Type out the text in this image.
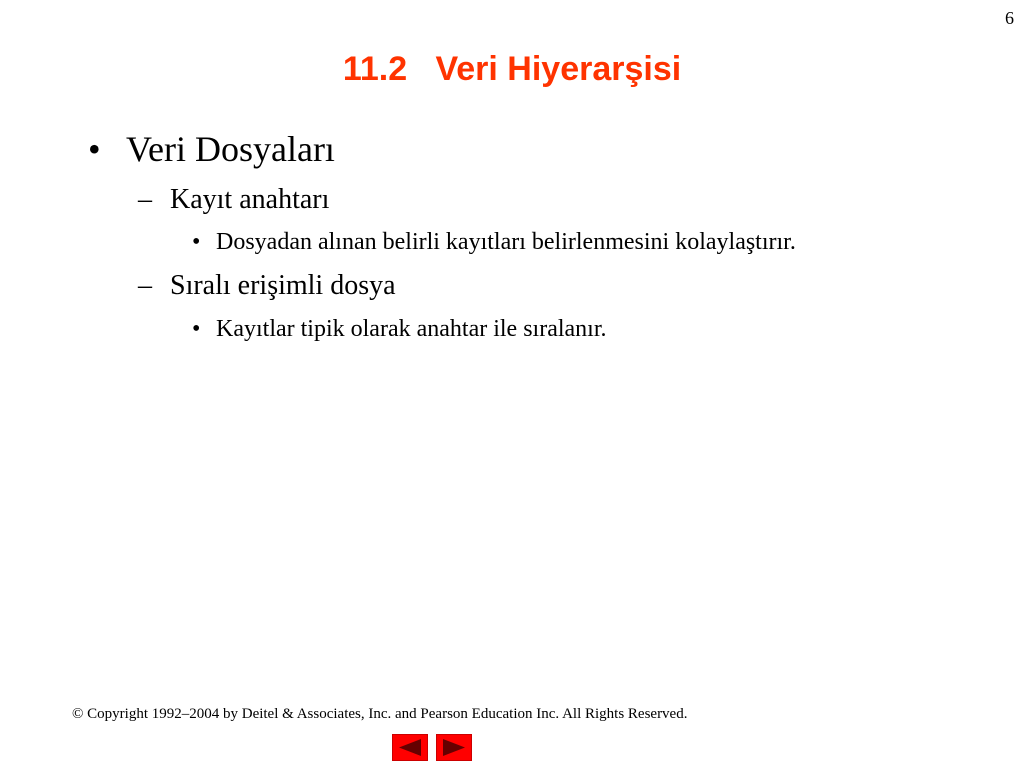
6
11.2   Veri Hiyerarşisi
• Veri Dosyaları
– Kayıt anahtarı
• Dosyadan alınan belirli kayıtları belirlenmesini kolaylaştırır.
– Sıralı erişimli dosya
• Kayıtlar tipik olarak anahtar ile sıralanır.
© Copyright 1992–2004 by Deitel & Associates, Inc. and Pearson Education Inc. All Rights Reserved.
